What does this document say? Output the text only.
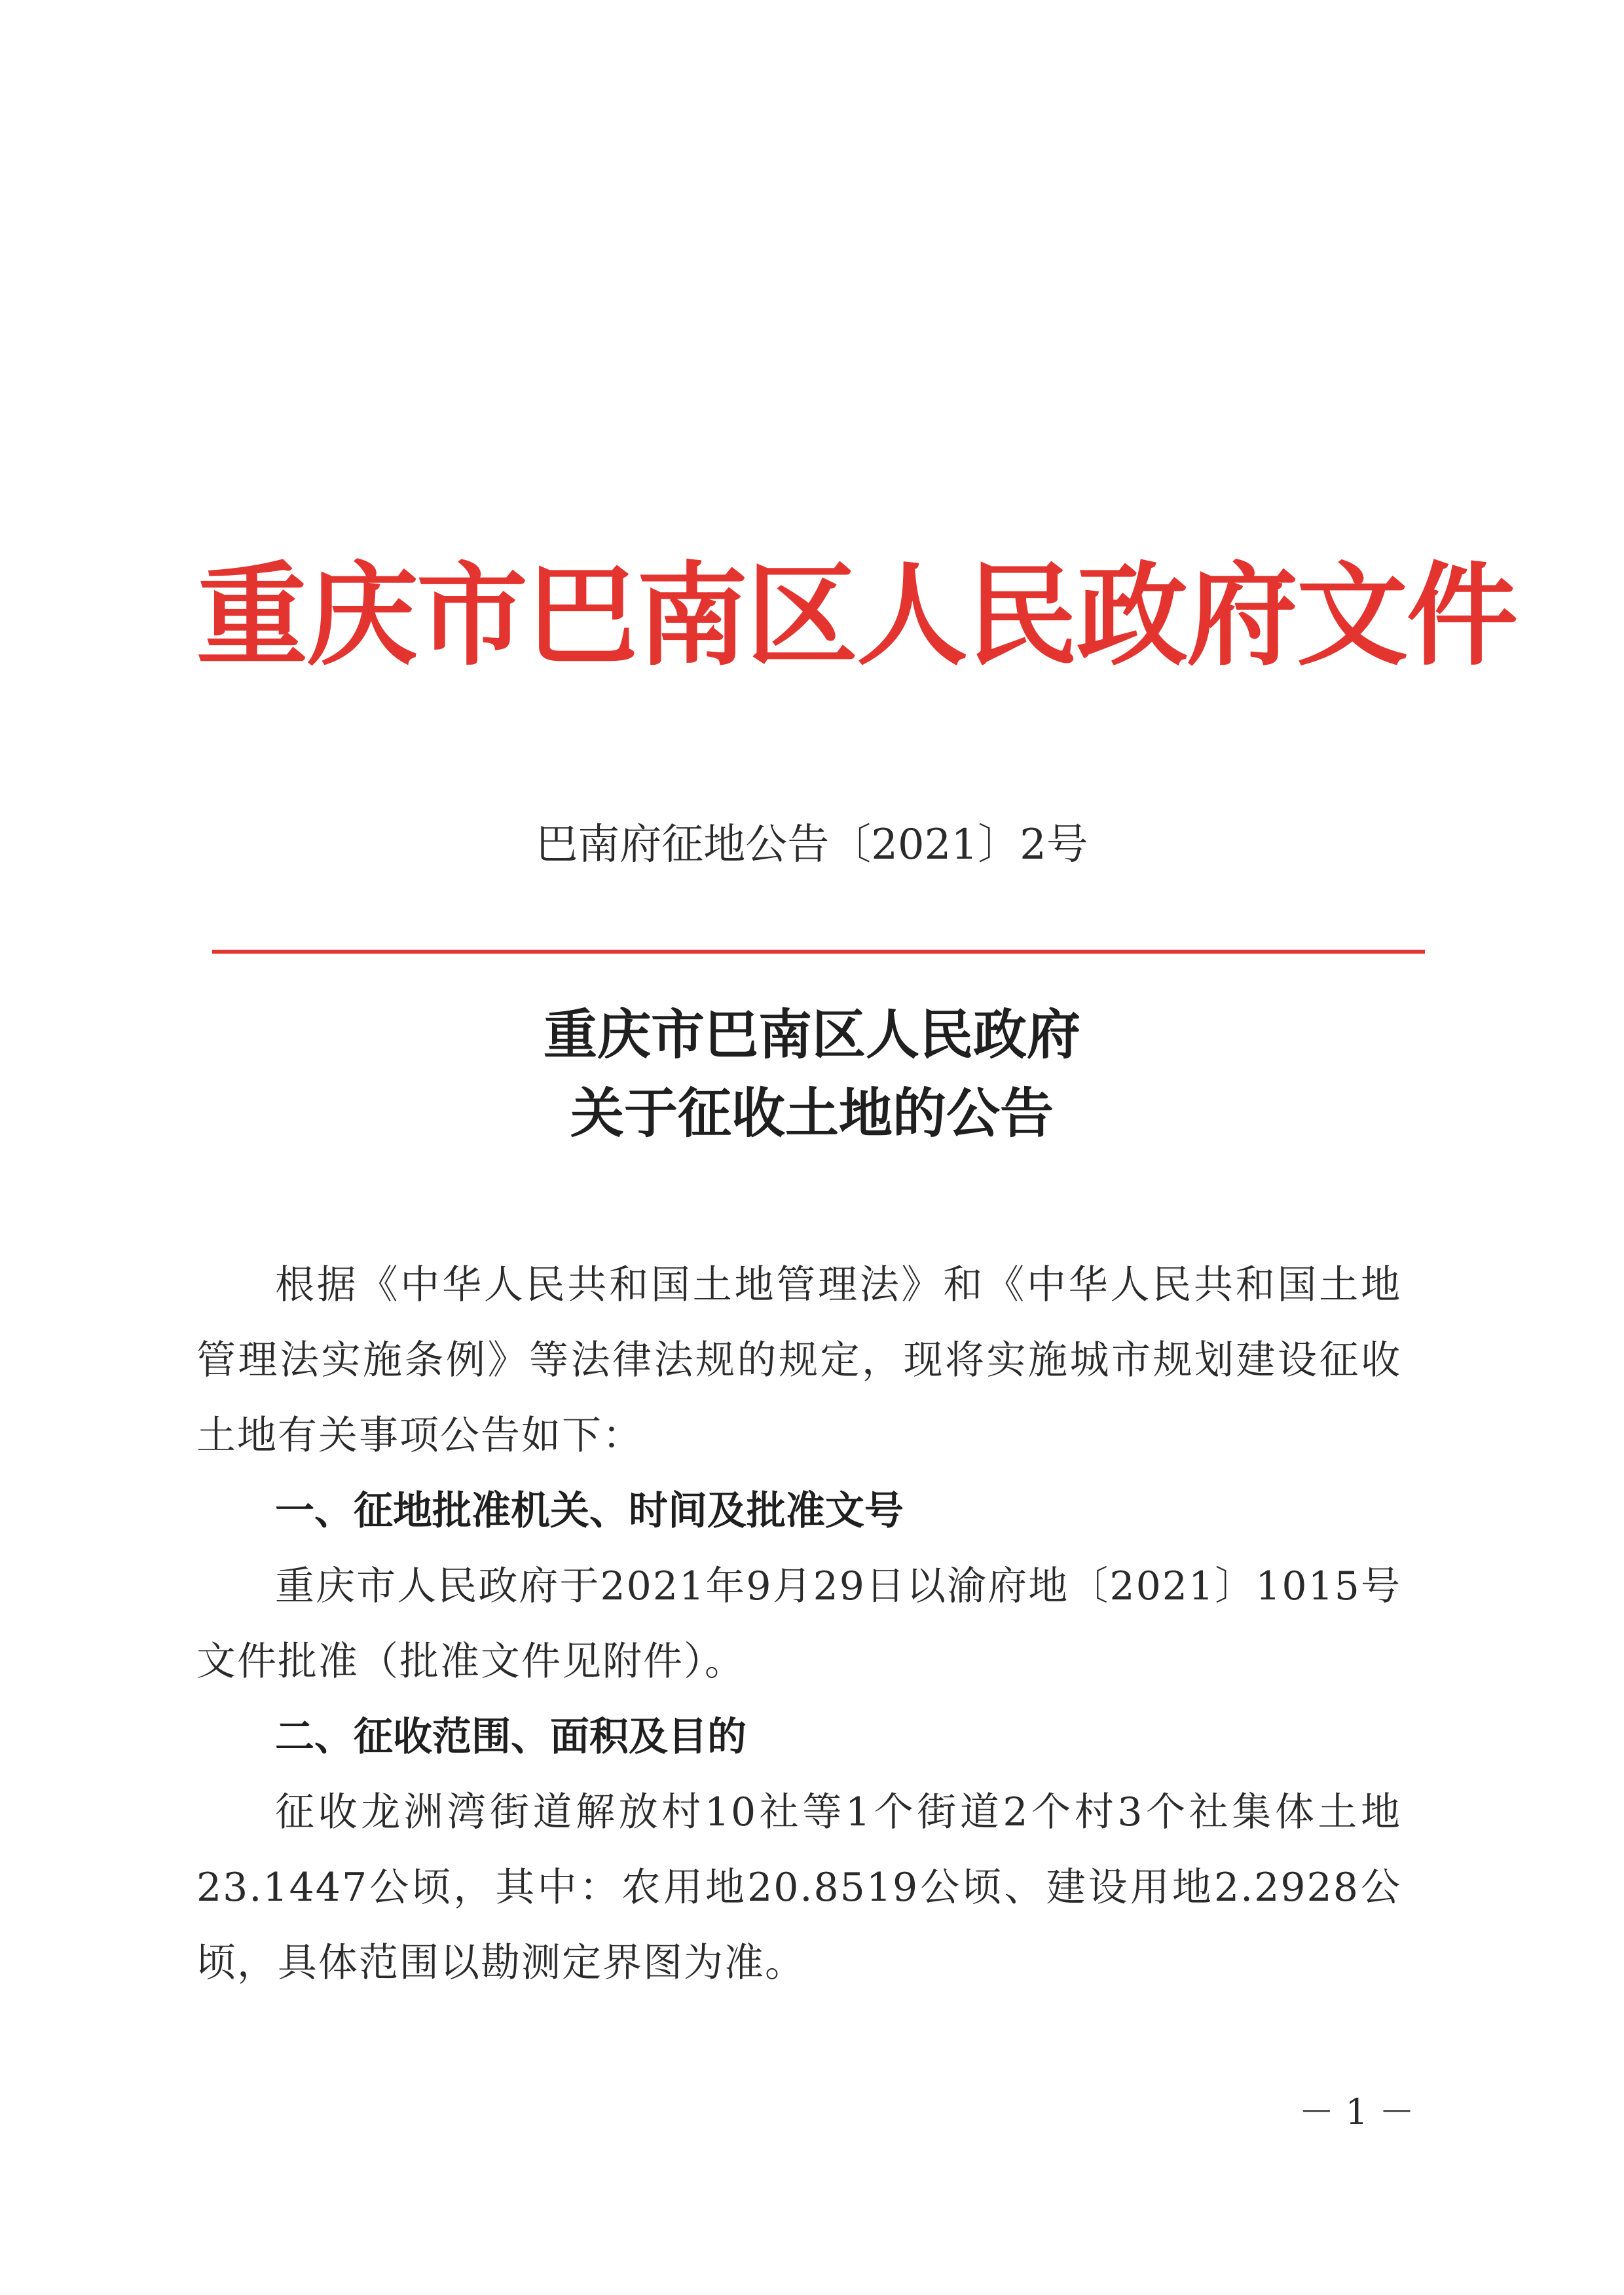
重庆市巴南区人民政府文件
巴南府征地公告〔2021〕2号
重庆市巴南区人民政府
关于征收土地的公告

根据《中华人民共和国土地管理法》和《中华人民共和国土地管理法实施条例》等法律法规的规定，现将实施城市规划建设征收土地有关事项公告如下：

一、征地批准机关、时间及批准文号

重庆市人民政府于2021年9月29日以渝府地〔2021〕1015号文件批准（批准文件见附件）。

二、征收范围、面积及目的

征收龙洲湾街道解放村10社等1个街道2个村3个社集体土地23.1447公顷，其中：农用地20.8519公顷、建设用地2.2928公顷，具体范围以勘测定界图为准。

－ 1 －
